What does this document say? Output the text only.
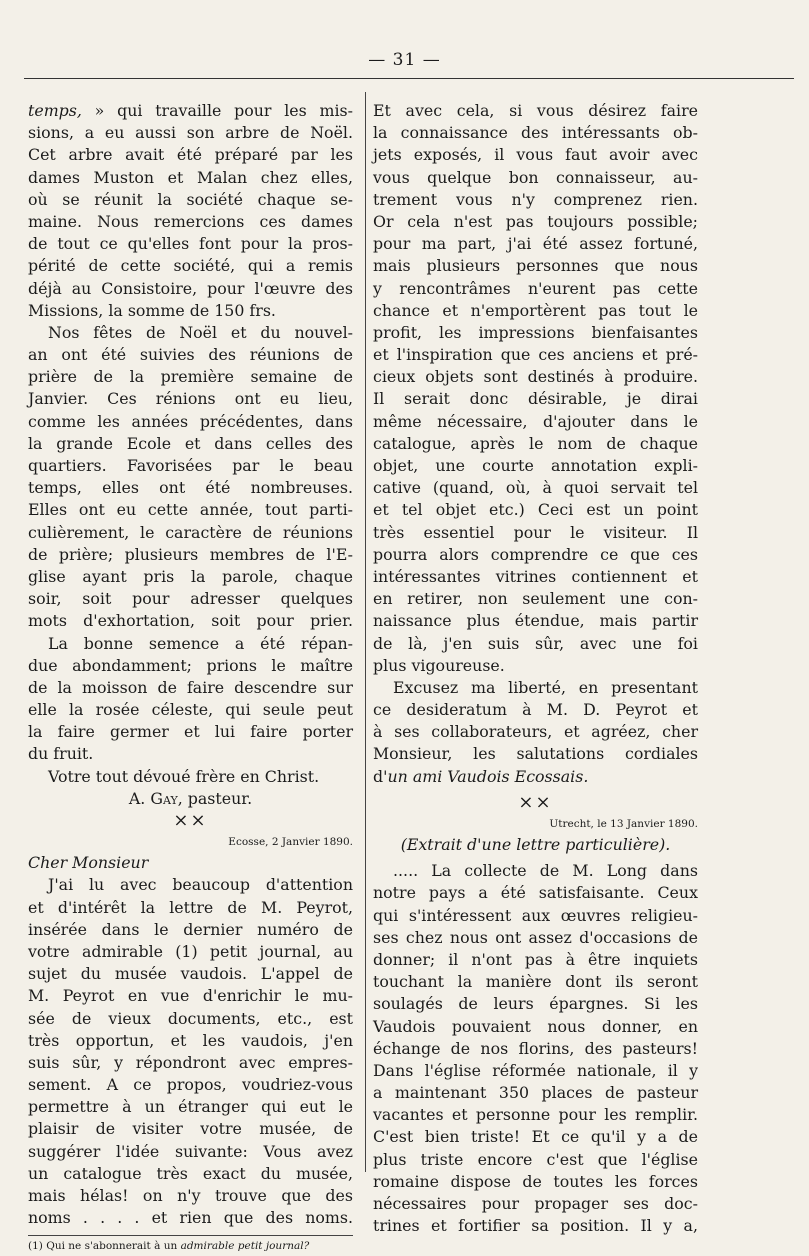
— 31 —
temps, » qui travaille pour les mis-
sions, a eu aussi son arbre de Noël.
Cet arbre avait été préparé par les
dames Muston et Malan chez elles,
où se réunit la société chaque se-
maine. Nous remercions ces dames
de tout ce qu'elles font pour la pros-
périté de cette société, qui a remis
déjà au Consistoire, pour l'œuvre des
Missions, la somme de 150 frs.
Nos fêtes de Noël et du nouvel-
an ont été suivies des réunions de
prière de la première semaine de
Janvier. Ces rénions ont eu lieu,
comme les années précédentes, dans
la grande Ecole et dans celles des
quartiers. Favorisées par le beau
temps, elles ont été nombreuses.
Elles ont eu cette année, tout parti-
culièrement, le caractère de réunions
de prière; plusieurs membres de l'E-
glise ayant pris la parole, chaque
soir, soit pour adresser quelques
mots d'exhortation, soit pour prier.
La bonne semence a été répan-
due abondamment; prions le maître
de la moisson de faire descendre sur
elle la rosée céleste, qui seule peut
la faire germer et lui faire porter
du fruit.
Votre tout dévoué frère en Christ.
A. Gay, pasteur.
××
Ecosse, 2 Janvier 1890.
Cher Monsieur
J'ai lu avec beaucoup d'attention
et d'intérêt la lettre de M. Peyrot,
insérée dans le dernier numéro de
votre admirable (1) petit journal, au
sujet du musée vaudois. L'appel de
M. Peyrot en vue d'enrichir le mu-
sée de vieux documents, etc., est
très opportun, et les vaudois, j'en
suis sûr, y répondront avec empres-
sement. A ce propos, voudriez-vous
permettre à un étranger qui eut le
plaisir de visiter votre musée, de
suggérer l'idée suivante: Vous avez
un catalogue très exact du musée,
mais hélas! on n'y trouve que des
noms . . . . et rien que des noms.
(1) Qui ne s'abonnerait à un admirable petit journal?
Et avec cela, si vous désirez faire
la connaissance des intéressants ob-
jets exposés, il vous faut avoir avec
vous quelque bon connaisseur, au-
trement vous n'y comprenez rien.
Or cela n'est pas toujours possible;
pour ma part, j'ai été assez fortuné,
mais plusieurs personnes que nous
y rencontrâmes n'eurent pas cette
chance et n'emportèrent pas tout le
profit, les impressions bienfaisantes
et l'inspiration que ces anciens et pré-
cieux objets sont destinés à produire.
Il serait donc désirable, je dirai
même nécessaire, d'ajouter dans le
catalogue, après le nom de chaque
objet, une courte annotation expli-
cative (quand, où, à quoi servait tel
et tel objet etc.) Ceci est un point
très essentiel pour le visiteur. Il
pourra alors comprendre ce que ces
intéressantes vitrines contiennent et
en retirer, non seulement une con-
naissance plus étendue, mais partir
de là, j'en suis sûr, avec une foi
plus vigoureuse.
Excusez ma liberté, en presentant
ce desideratum à M. D. Peyrot et
à ses collaborateurs, et agréez, cher
Monsieur, les salutations cordiales
d'un ami Vaudois Ecossais.
××
Utrecht, le 13 Janvier 1890.
(Extrait d'une lettre particulière).
..... La collecte de M. Long dans
notre pays a été satisfaisante. Ceux
qui s'intéressent aux œuvres religieu-
ses chez nous ont assez d'occasions de
donner; il n'ont pas à être inquiets
touchant la manière dont ils seront
soulagés de leurs épargnes. Si les
Vaudois pouvaient nous donner, en
échange de nos florins, des pasteurs!
Dans l'église réformée nationale, il y
a maintenant 350 places de pasteur
vacantes et personne pour les remplir.
C'est bien triste! Et ce qu'il y a de
plus triste encore c'est que l'église
romaine dispose de toutes les forces
nécessaires pour propager ses doc-
trines et fortifier sa position. Il y a,
